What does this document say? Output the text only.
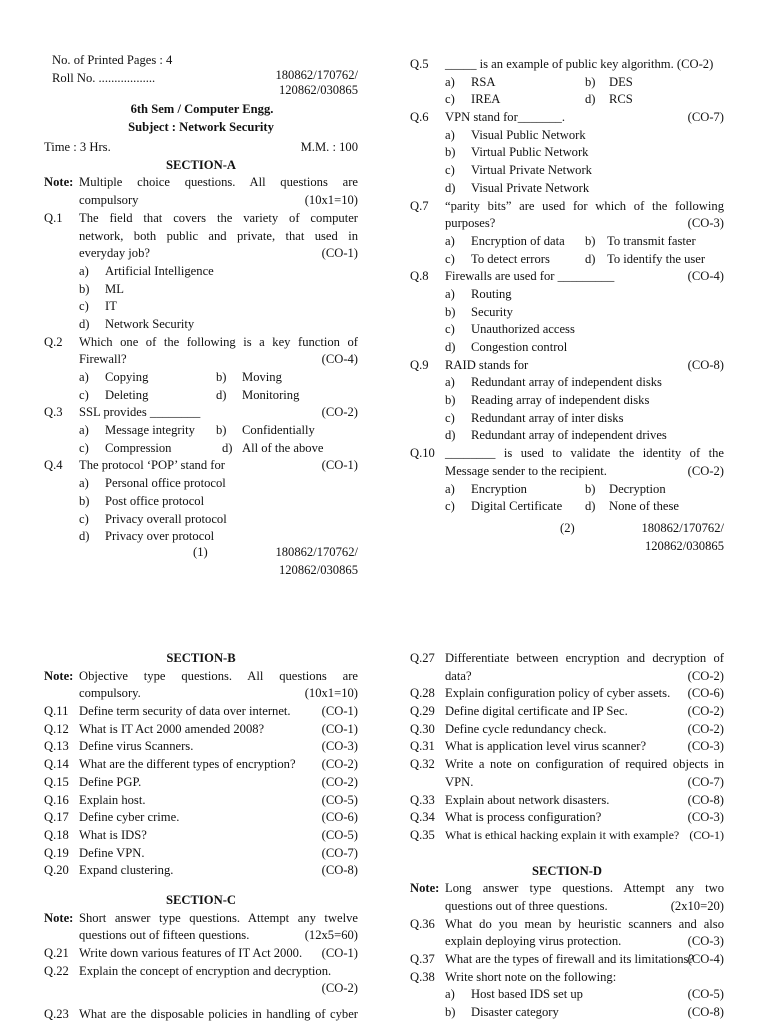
No. of Printed Pages : 4
Roll No. ..................	180862/170762/
120862/030865
6th Sem / Computer Engg.
Subject : Network Security
Time : 3 Hrs.	M.M. : 100
SECTION-A
Note: Multiple choice questions. All questions are
compulsory	(10x1=10)
Q.1 The field that covers the variety of computer
network, both public and private, that used in
everyday job?	(CO-1)
a) Artificial Intelligence
b) ML
c) IT
d) Network Security
Q.2 Which one of the following is a key function of
Firewall?	(CO-4)
a) Copying	b) Moving
c) Deleting	d) Monitoring
Q.3 SSL provides ________	(CO-2)
a) Message integrity b) Confidentially
c) Compression	d) All of the above
Q.4 The protocol ‘POP’ stand for	(CO-1)
a) Personal office protocol
b) Post office protocol
c) Privacy overall protocol
d) Privacy over protocol
(1)	180862/170762/
120862/030865
Q.5 _____ is an example of public key algorithm. (CO-2)
a) RSA	b) DES
c) IREA	d) RCS
Q.6 VPN stand for_______.	(CO-7)
a) Visual Public Network
b) Virtual Public Network
c) Virtual Private Network
d) Visual Private Network
Q.7 “parity bits” are used for which of the following
purposes?	(CO-3)
a) Encryption of data b) To transmit faster
c) To detect errors	d) To identify the user
Q.8 Firewalls are used for _________	(CO-4)
a) Routing
b) Security
c) Unauthorized access
d) Congestion control
Q.9 RAID stands for	(CO-8)
a) Redundant array of independent disks
b) Reading array of independent disks
c) Redundant array of inter disks
d) Redundant array of independent drives
Q.10 ________ is used to validate the identity of the
Message sender to the recipient.	(CO-2)
a) Encryption	b) Decryption
c) Digital Certificate d) None of these
(2)	180862/170762/
120862/030865
SECTION-B
Note: Objective type questions. All questions are
compulsory.	(10x1=10)
Q.11 Define term security of data over internet. (CO-1)
Q.12 What is IT Act 2000 amended 2008?	(CO-1)
Q.13 Define virus Scanners.	(CO-3)
Q.14 What are the different types of encryption? (CO-2)
Q.15 Define PGP.	(CO-2)
Q.16 Explain host.	(CO-5)
Q.17 Define cyber crime.	(CO-6)
Q.18 What is IDS?	(CO-5)
Q.19 Define VPN.	(CO-7)
Q.20 Expand clustering.	(CO-8)
SECTION-C
Note: Short answer type questions. Attempt any twelve
questions out of fifteen questions.	(12x5=60)
Q.21 Write down various features of IT Act 2000. (CO-1)
Q.22 Explain the concept of encryption and decryption.
(CO-2)
Q.23 What are the disposable policies in handling of cyber
Q.27 Differentiate between encryption and decryption of
data?	(CO-2)
Q.28 Explain configuration policy of cyber assets. (CO-6)
Q.29 Define digital certificate and IP Sec.	(CO-2)
Q.30 Define cycle redundancy check.	(CO-2)
Q.31 What is application level virus scanner?	(CO-3)
Q.32 Write a note on configuration of required objects in
VPN.	(CO-7)
Q.33 Explain about network disasters.	(CO-8)
Q.34 What is process configuration?	(CO-3)
Q.35 What is ethical hacking explain it with example? (CO-1)
SECTION-D
Note: Long answer type questions. Attempt any two
questions out of three questions.	(2x10=20)
Q.36 What do you mean by heuristic scanners and also
explain deploying virus protection.	(CO-3)
Q.37 What are the types of firewall and its limitations?
(CO-4)
Q.38 Write short note on the following:
a) Host based IDS set up	(CO-5)
b) Disaster category	(CO-8)
